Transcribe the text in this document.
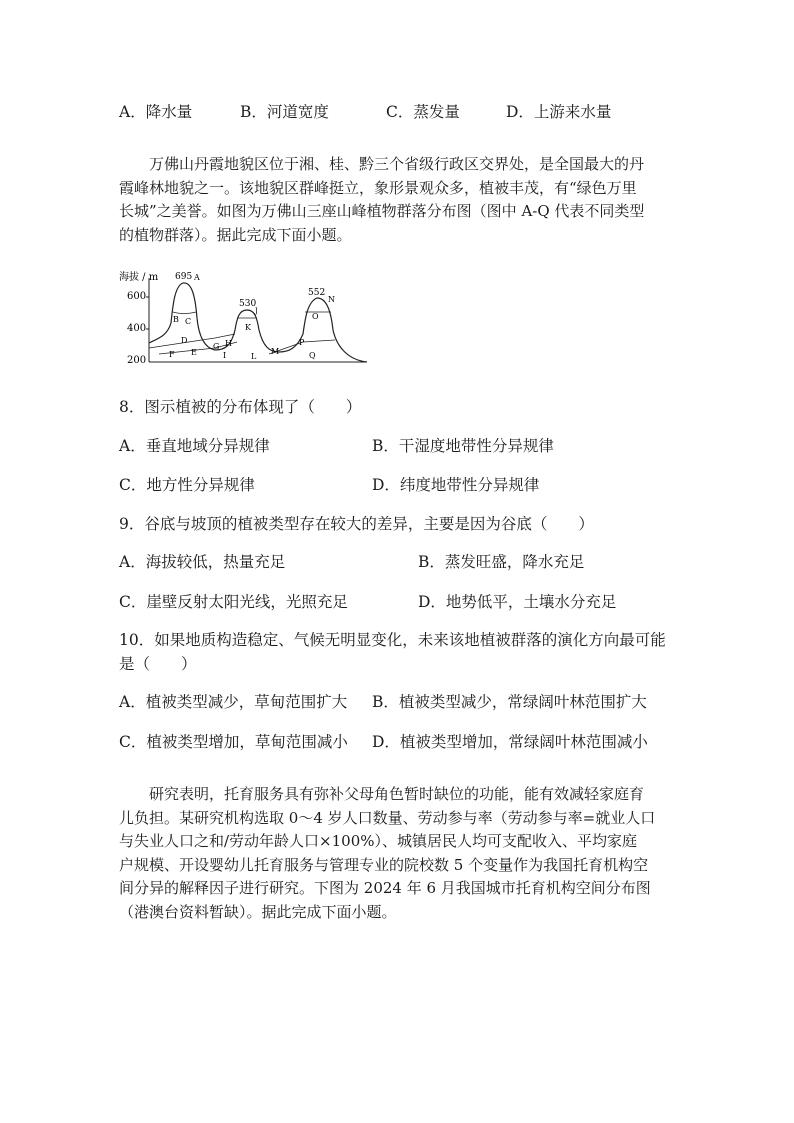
A．降水量	B．河道宽度	C．蒸发量	D．上游来水量
　　万佛山丹霞地貌区位于湘、桂、黔三个省级行政区交界处，是全国最大的丹
霞峰林地貌之一。该地貌区群峰挺立，象形景观众多，植被丰茂，有“绿色万里
长城”之美誉。如图为万佛山三座山峰植物群落分布图（图中 A-Q 代表不同类型
的植物群落）。据此完成下面小题。
海拔 / m
600
400
200
695 A
530
J
552
N
B C
D
E
F
G H
I
K
L
M
O
P
Q
8．图示植被的分布体现了（　　）
A．垂直地域分异规律	B．干湿度地带性分异规律
C．地方性分异规律	D．纬度地带性分异规律
9．谷底与坡顶的植被类型存在较大的差异，主要是因为谷底（　　）
A．海拔较低，热量充足	B．蒸发旺盛，降水充足
C．崖壁反射太阳光线，光照充足	D．地势低平，土壤水分充足
10．如果地质构造稳定、气候无明显变化，未来该地植被群落的演化方向最可能
是（　　）
A．植被类型减少，草甸范围扩大 B．植被类型减少，常绿阔叶林范围扩大
C．植被类型增加，草甸范围减小 D．植被类型增加，常绿阔叶林范围减小
　　研究表明，托育服务具有弥补父母角色暂时缺位的功能，能有效减轻家庭育
儿负担。某研究机构选取 0～4 岁人口数量、劳动参与率（劳动参与率=就业人口
与失业人口之和/劳动年龄人口×100%）、城镇居民人均可支配收入、平均家庭
户规模、开设婴幼儿托育服务与管理专业的院校数 5 个变量作为我国托育机构空
间分异的解释因子进行研究。下图为 2024 年 6 月我国城市托育机构空间分布图
（港澳台资料暂缺）。据此完成下面小题。
